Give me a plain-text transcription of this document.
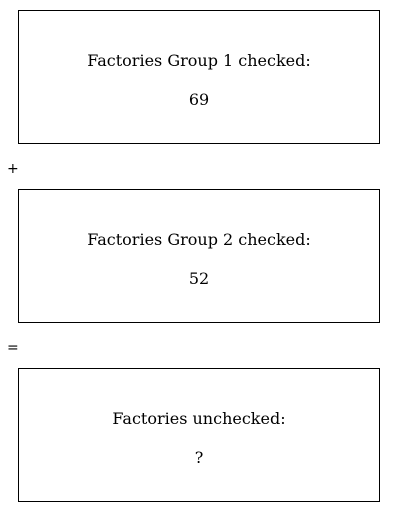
Factories Group 1 checked:
69
+
Factories Group 2 checked:
52
=
Factories unchecked:
?
